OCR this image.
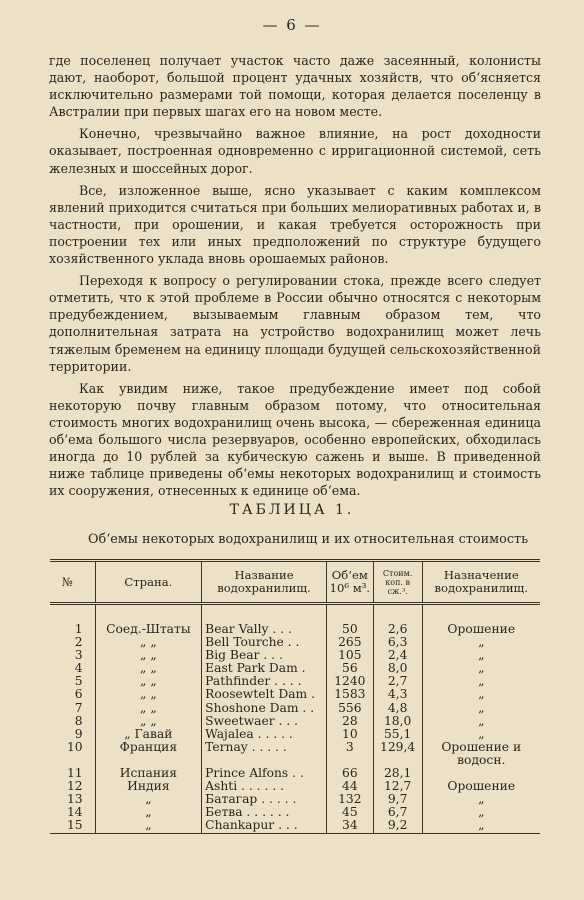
— 6 —

где поселенец получает участок часто даже засеянный, колонисты дают, наоборот, большой процент удачных хозяйств, что об‘ясняется исключительно размерами той помощи, которая делается поселенцу в Австралии при первых шагах его на новом месте.

Конечно, чрезвычайно важное влияние, на рост доходности оказывает, построенная одновременно с ирригационной системой, сеть железных и шоссейных дорог.

Все, изложенное выше, ясно указывает с каким комплексом явлений приходится считаться при больших мелиоративных работах и, в частности, при орошении, и какая требуется осторожность при построении тех или иных предположений по структуре будущего хозяйственного уклада вновь орошаемых районов.

Переходя к вопросу о регулировании стока, прежде всего следует отметить, что к этой проблеме в России обычно относятся с некоторым предубеждением, вызываемым главным образом тем, что дополнительная затрата на устройство водохранилищ может лечь тяжелым бременем на единицу площади будущей сельскохозяйственной территории.

Как увидим ниже, такое предубеждение имеет под собой некоторую почву главным образом потому, что относительная стоимость многих водохранилищ очень высока, — сбереженная единица об‘ема большого числа резервуаров, особенно европейских, обходилась иногда до 10 рублей за кубическую сажень и выше. В приведенной ниже таблице приведены об‘емы некоторых водохранилищ и стоимость их сооружения, отнесенных к единице об‘ема.

ТАБЛИЦА 1.
Об‘емы некоторых водохранилищ и их относительная стоимость
№	Страна.	Название водохранилищ.	Об‘ем 10⁶ м³.	Стоим. коп. в сж.³.	Назначение водохранилищ.

1	Соед.-Штаты	Bear Vally . . .	50	2,6	Орошение
2	„ „	Bell Tourche . .	265	6,3	„
3	„ „	Big Bear . . .	105	2,4	„
4	„ „	East Park Dam .	56	8,0	„
5	„ „	Pathfinder . . . .	1240	2,7	„
6	„ „	Roosewtelt Dam .	1583	4,3	„
7	„ „	Shoshone Dam . .	556	4,8	„
8	„ „	Sweetwaer . . .	28	18,0	„
9	„ Гавай	Wajalea . . . . .	10	55,1	„
10	Франция	Ternay . . . . .	3	129,4	Орошение и водосн.
11	Испания	Prince Alfons . .	66	28,1	
12	Индия	Ashti . . . . . .	44	12,7	Орошение
13	„	Батагар . . . . .	132	9,7	„
14	„	Бетва . . . . . .	45	6,7	„
15	„	Chankapur . . .	34	9,2	„
